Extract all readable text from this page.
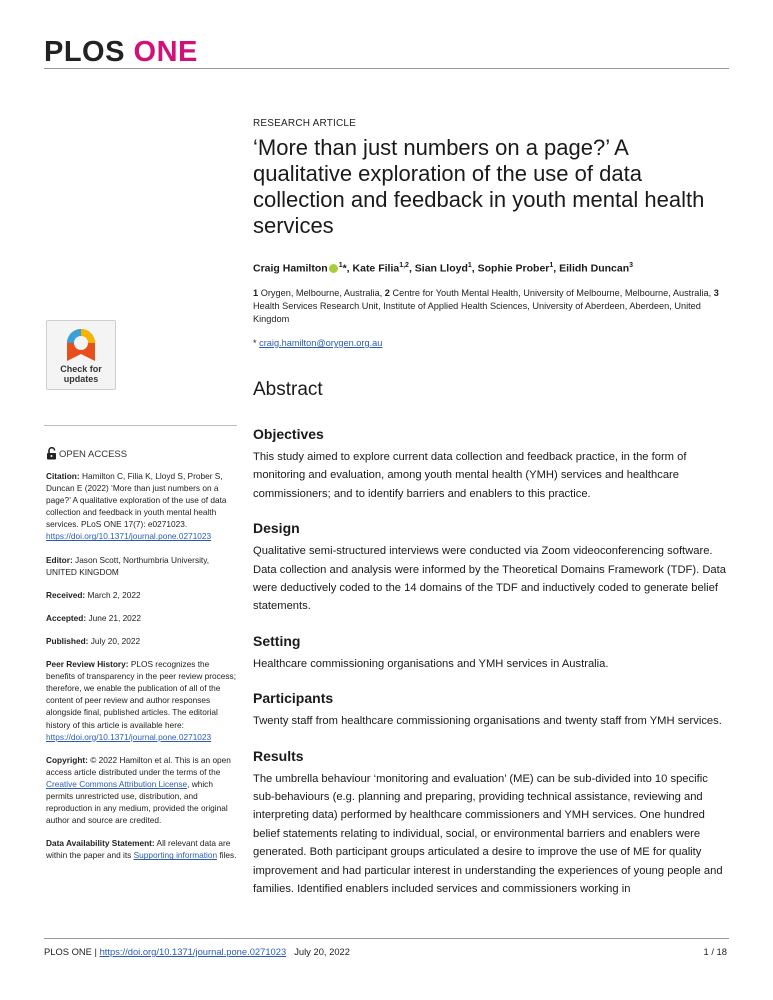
PLOS ONE
RESEARCH ARTICLE
‘More than just numbers on a page?’ A qualitative exploration of the use of data collection and feedback in youth mental health services
Craig Hamilton $^1$*, Kate Filia$^{1,2}$, Sian Lloyd$^1$, Sophie Prober$^1$, Eilidh Duncan$^3$
1 Orygen, Melbourne, Australia, 2 Centre for Youth Mental Health, University of Melbourne, Melbourne, Australia, 3 Health Services Research Unit, Institute of Applied Health Sciences, University of Aberdeen, Aberdeen, United Kingdom
* craig.hamilton@orygen.org.au
Check for
updates
OPEN ACCESS

Citation: Hamilton C, Filia K, Lloyd S, Prober S, Duncan E (2022) ‘More than just numbers on a page?’ A qualitative exploration of the use of data collection and feedback in youth mental health services. PLoS ONE 17(7): e0271023. https://doi.org/10.1371/journal.pone.0271023

Editor: Jason Scott, Northumbria University, UNITED KINGDOM

Received: March 2, 2022

Accepted: June 21, 2022

Published: July 20, 2022

Peer Review History: PLOS recognizes the benefits of transparency in the peer review process; therefore, we enable the publication of all of the content of peer review and author responses alongside final, published articles. The editorial history of this article is available here: https://doi.org/10.1371/journal.pone.0271023

Copyright: © 2022 Hamilton et al. This is an open access article distributed under the terms of the Creative Commons Attribution License, which permits unrestricted use, distribution, and reproduction in any medium, provided the original author and source are credited.

Data Availability Statement: All relevant data are within the paper and its Supporting information files.

Abstract
Objectives

This study aimed to explore current data collection and feedback practice, in the form of monitoring and evaluation, among youth mental health (YMH) services and healthcare commissioners; and to identify barriers and enablers to this practice.

Design

Qualitative semi-structured interviews were conducted via Zoom videoconferencing software. Data collection and analysis were informed by the Theoretical Domains Framework (TDF). Data were deductively coded to the 14 domains of the TDF and inductively coded to generate belief statements.

Setting

Healthcare commissioning organisations and YMH services in Australia.

Participants

Twenty staff from healthcare commissioning organisations and twenty staff from YMH services.

Results

The umbrella behaviour ‘monitoring and evaluation’ (ME) can be sub-divided into 10 specific sub-behaviours (e.g. planning and preparing, providing technical assistance, reviewing and interpreting data) performed by healthcare commissioners and YMH services. One hundred belief statements relating to individual, social, or environmental barriers and enablers were generated. Both participant groups articulated a desire to improve the use of ME for quality improvement and had particular interest in understanding the experiences of young people and families. Identified enablers included services and commissioners working in

PLOS ONE | https://doi.org/10.1371/journal.pone.0271023 July 20, 2022	1 / 18
